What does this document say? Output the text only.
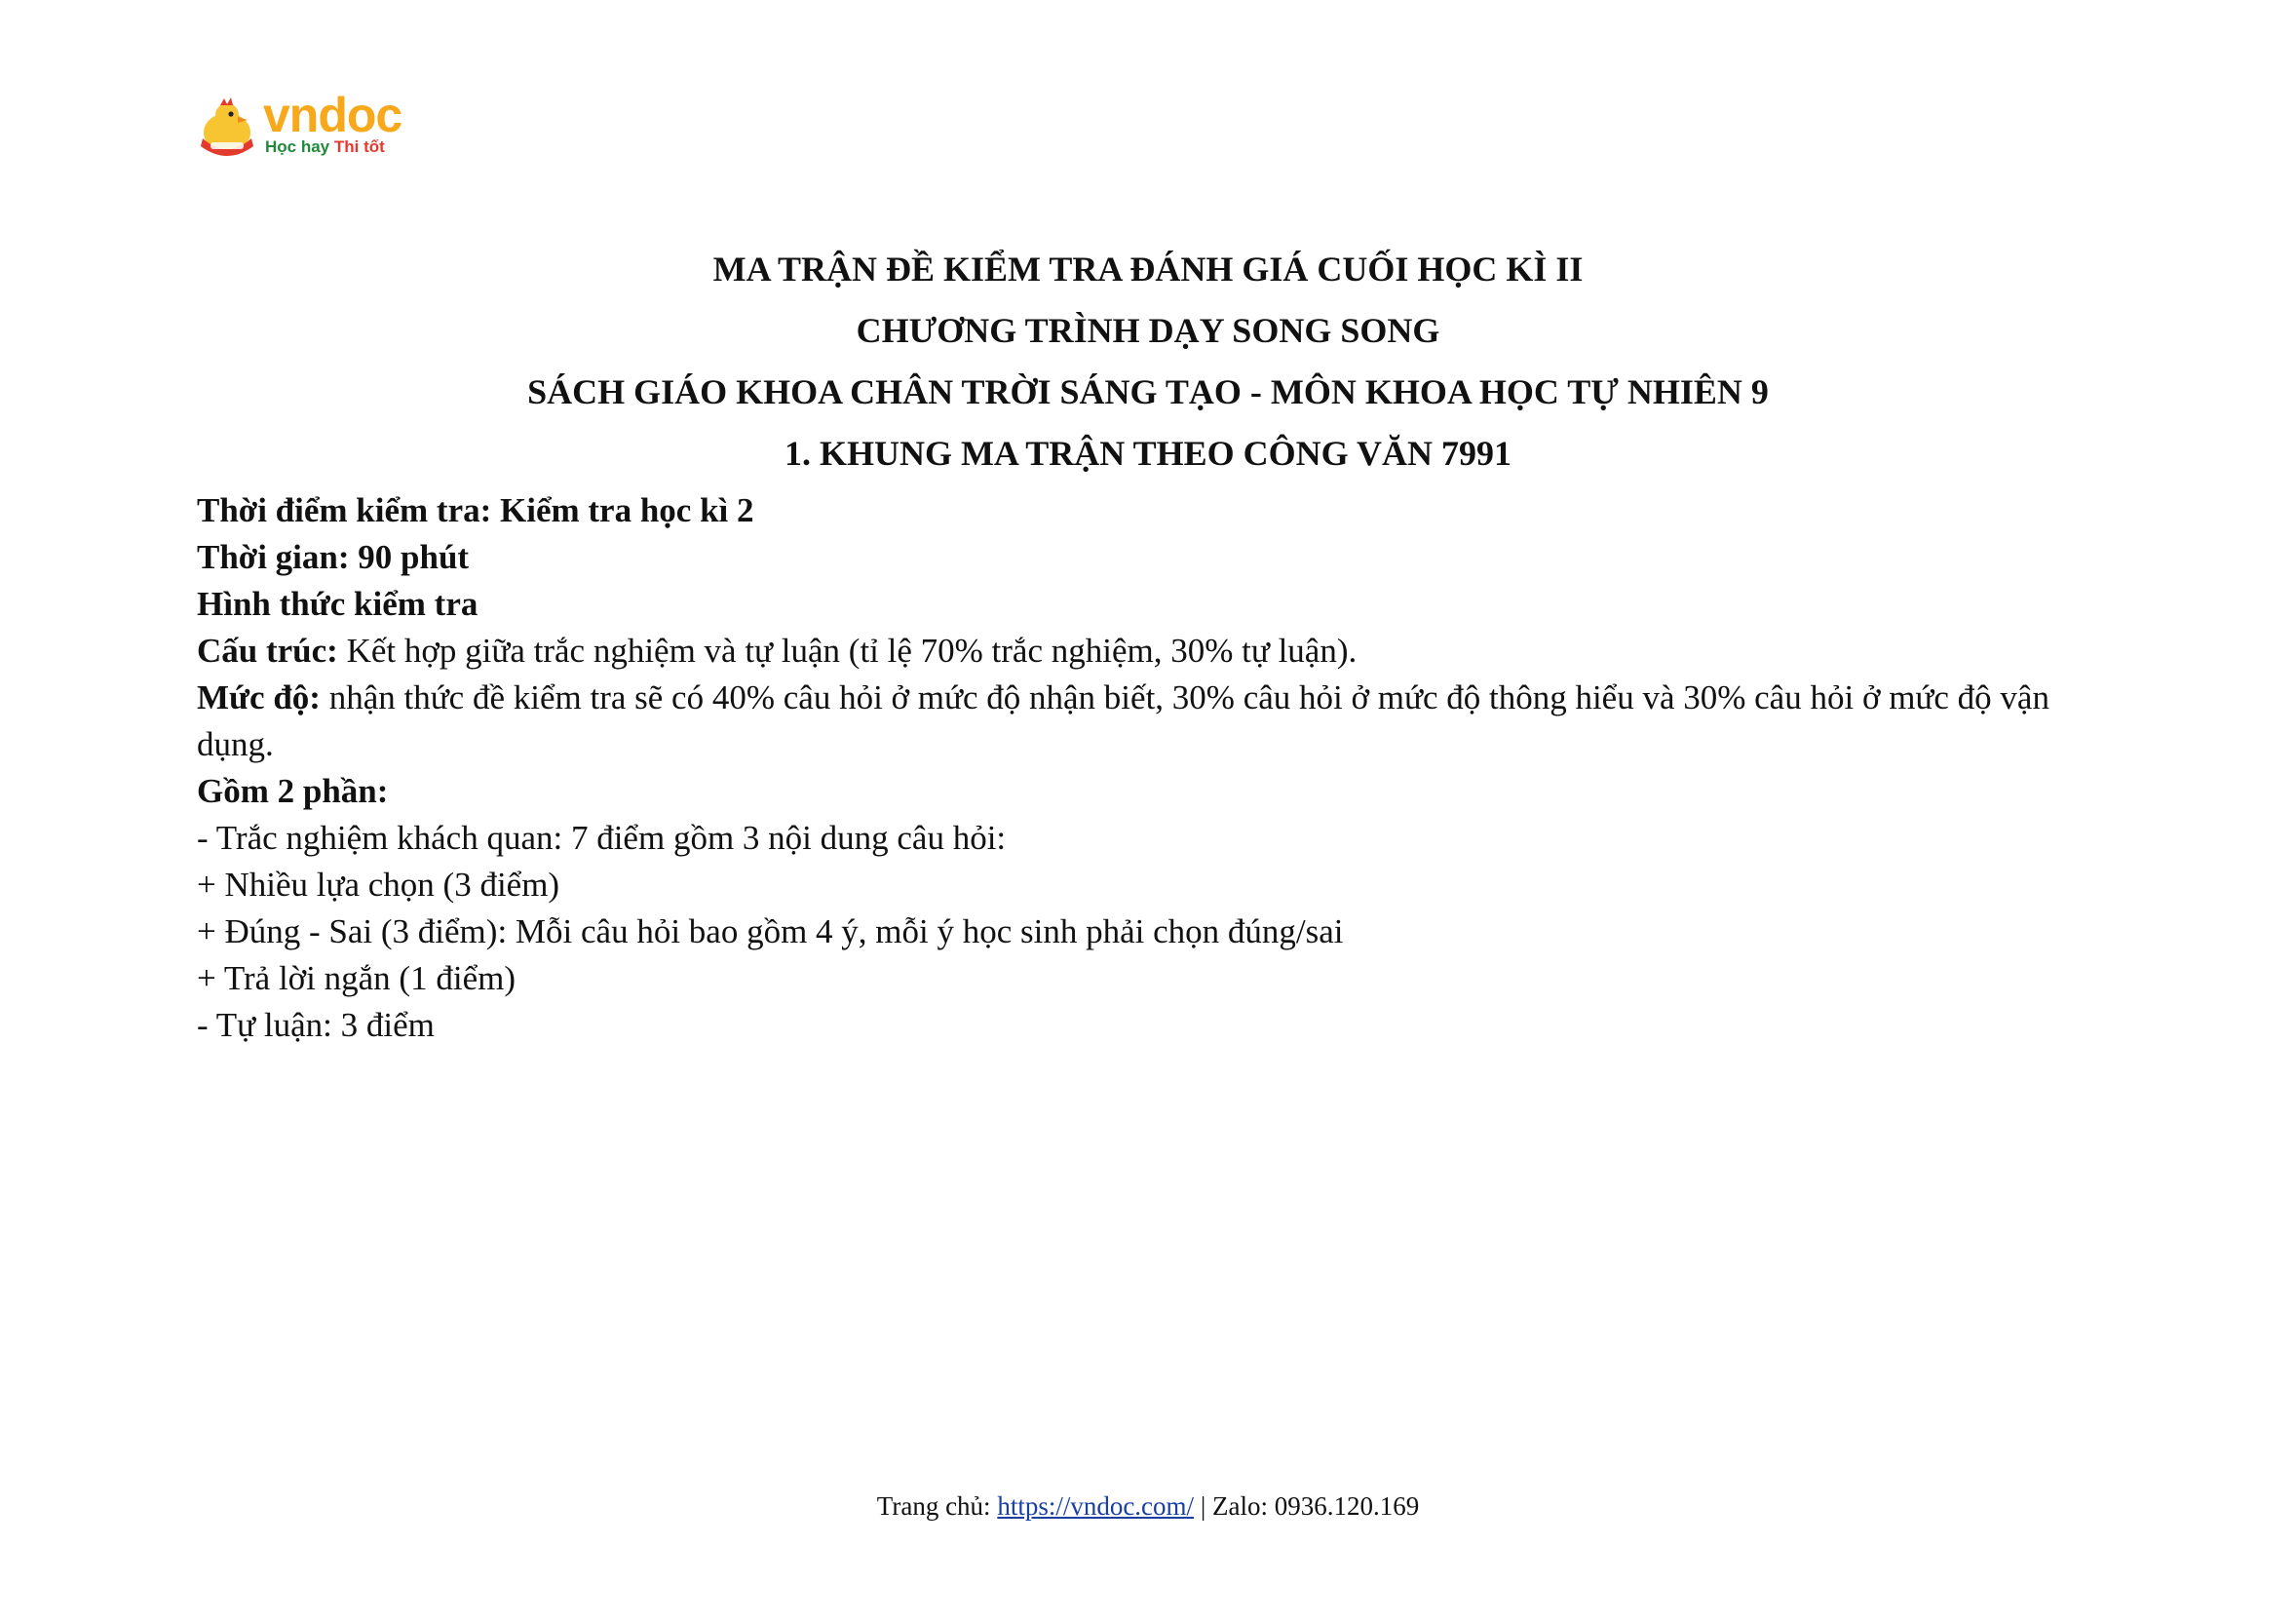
vndoc
Học hay Thi tốt
MA TRẬN ĐỀ KIỂM TRA ĐÁNH GIÁ CUỐI HỌC KÌ II
CHƯƠNG TRÌNH DẠY SONG SONG
SÁCH GIÁO KHOA CHÂN TRỜI SÁNG TẠO - MÔN KHOA HỌC TỰ NHIÊN 9
1. KHUNG MA TRẬN THEO CÔNG VĂN 7991

Thời điểm kiểm tra: Kiểm tra học kì 2

Thời gian: 90 phút

Hình thức kiểm tra

Cấu trúc: Kết hợp giữa trắc nghiệm và tự luận (tỉ lệ 70% trắc nghiệm, 30% tự luận).

Mức độ: nhận thức đề kiểm tra sẽ có 40% câu hỏi ở mức độ nhận biết, 30% câu hỏi ở mức độ thông hiểu và 30% câu hỏi ở mức độ vận dụng.

Gồm 2 phần:

- Trắc nghiệm khách quan: 7 điểm gồm 3 nội dung câu hỏi:

+ Nhiều lựa chọn (3 điểm)

+ Đúng - Sai (3 điểm): Mỗi câu hỏi bao gồm 4 ý, mỗi ý học sinh phải chọn đúng/sai

+ Trả lời ngắn (1 điểm)

- Tự luận: 3 điểm

Trang chủ: https://vndoc.com/ | Zalo: 0936.120.169
